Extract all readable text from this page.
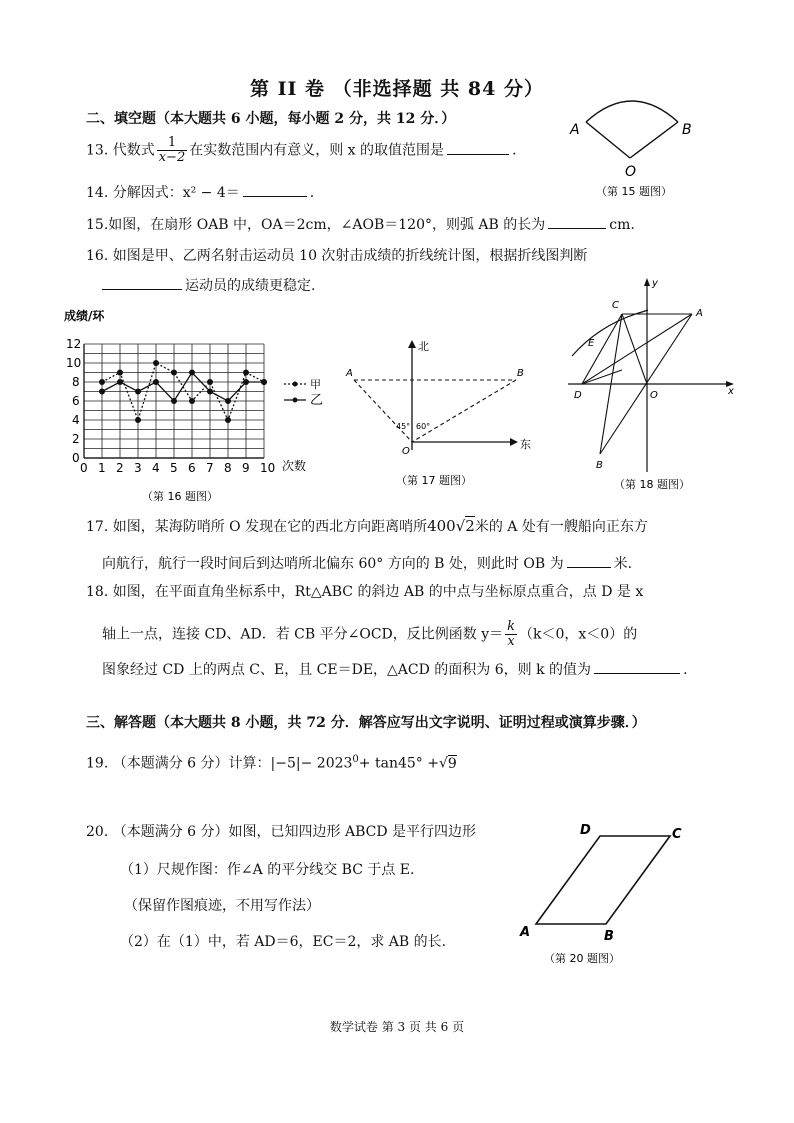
第 II 卷 （非选择题 共 84 分）
二、填空题（本大题共 6 小题，每小题 2 分，共 12 分．）
13. 代数式 $\frac{1}{x-2}$ 在实数范围内有意义，则 x 的取值范围是	.
14. 分解因式：x² − 4＝	.
A	B
O
（第 15 题图）
15.如图，在扇形 OAB 中，OA＝2cm，∠AOB＝120°，则弧 AB 的长为	cm.
16. 如图是甲、乙两名射击运动员 10 次射击成绩的折线统计图，根据折线图判断
运动员的成绩更稳定.
成绩/环
次数
（第 16 题图）
0 1 2 3 4 5 6 7 8 9 10
0
2
4
6
8
10
12
甲
乙
北
东
A	B
O
45° 60°
（第 17 题图）
y
x
A
C
E
D	O
B
（第 18 题图）
17. 如图，某海防哨所 O 发现在它的西北方向距离哨所400√2米的 A 处有一艘船向正东方
向航行，航行一段时间后到达哨所北偏东 60° 方向的 B 处，则此时 OB 为	米.
18. 如图，在平面直角坐标系中，Rt△ABC 的斜边 AB 的中点与坐标原点重合，点 D 是 x
轴上一点，连接 CD、AD．若 CB 平分∠OCD，反比例函数 $y= \frac{k}{x} (k<0$，x＜0）的
图象经过 CD 上的两点 C、E，且 CE＝DE，△ACD 的面积为 6，则 k 的值为	.
三、解答题（本大题共 8 小题，共 72 分．解答应写出文字说明、证明过程或演算步骤．）
19. （本题满分 6 分）计算：$|-5|- 2023^0+ \tan 45^\circ +√9$
20. （本题满分 6 分）如图，已知四边形 ABCD 是平行四边形
（1）尺规作图：作∠A 的平分线交 BC 于点 E.
（保留作图痕迹，不用写作法）
（2）在（1）中，若 AD＝6，EC＝2，求 AB 的长.
A	B
C
D
（第 20 题图）
数学试卷 第 3 页 共 6 页
